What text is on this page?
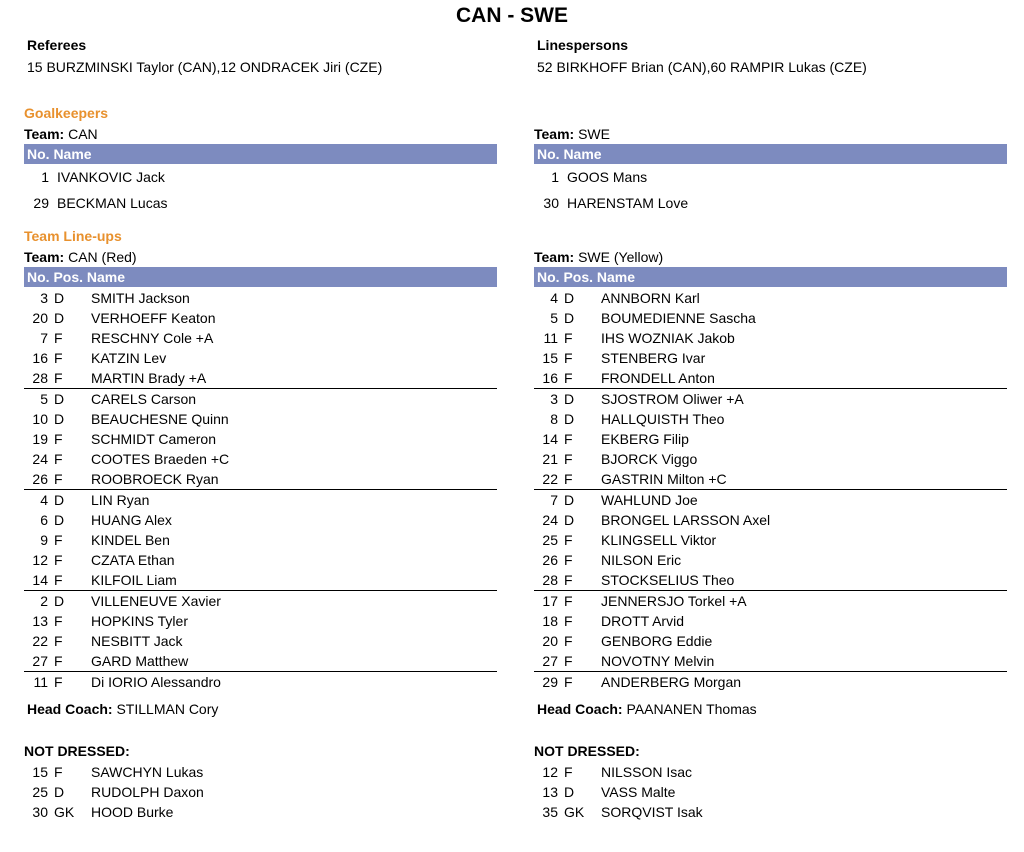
CAN - SWE
Referees
15 BURZMINSKI Taylor (CAN),12 ONDRACEK Jiri (CZE)
Linespersons
52 BIRKHOFF Brian (CAN),60 RAMPIR Lukas (CZE)
Goalkeepers
Team: CAN
No. Name
1 IVANKOVIC Jack
29 BECKMAN Lucas
Team: SWE
No. Name
1 GOOS Mans
30 HARENSTAM Love
Team Line-ups
Team: CAN (Red)
No. Pos. Name
3 D SMITH Jackson
20 D VERHOEFF Keaton
7 F RESCHNY Cole +A
16 F KATZIN Lev
28 F MARTIN Brady +A
5 D CARELS Carson
10 D BEAUCHESNE Quinn
19 F SCHMIDT Cameron
24 F COOTES Braeden +C
26 F ROOBROECK Ryan
4 D LIN Ryan
6 D HUANG Alex
9 F KINDEL Ben
12 F CZATA Ethan
14 F KILFOIL Liam
2 D VILLENEUVE Xavier
13 F HOPKINS Tyler
22 F NESBITT Jack
27 F GARD Matthew
11 F Di IORIO Alessandro
Head Coach: STILLMAN Cory
Team: SWE (Yellow)
No. Pos. Name
4 D ANNBORN Karl
5 D BOUMEDIENNE Sascha
11 F IHS WOZNIAK Jakob
15 F STENBERG Ivar
16 F FRONDELL Anton
3 D SJOSTROM Oliwer +A
8 D HALLQUISTH Theo
14 F EKBERG Filip
21 F BJORCK Viggo
22 F GASTRIN Milton +C
7 D WAHLUND Joe
24 D BRONGEL LARSSON Axel
25 F KLINGSELL Viktor
26 F NILSON Eric
28 F STOCKSELIUS Theo
17 F JENNERSJO Torkel +A
18 F DROTT Arvid
20 F GENBORG Eddie
27 F NOVOTNY Melvin
29 F ANDERBERG Morgan
Head Coach: PAANANEN Thomas
NOT DRESSED:
15 F SAWCHYN Lukas
25 D RUDOLPH Daxon
30 GK HOOD Burke
NOT DRESSED:
12 F NILSSON Isac
13 D VASS Malte
35 GK SORQVIST Isak
